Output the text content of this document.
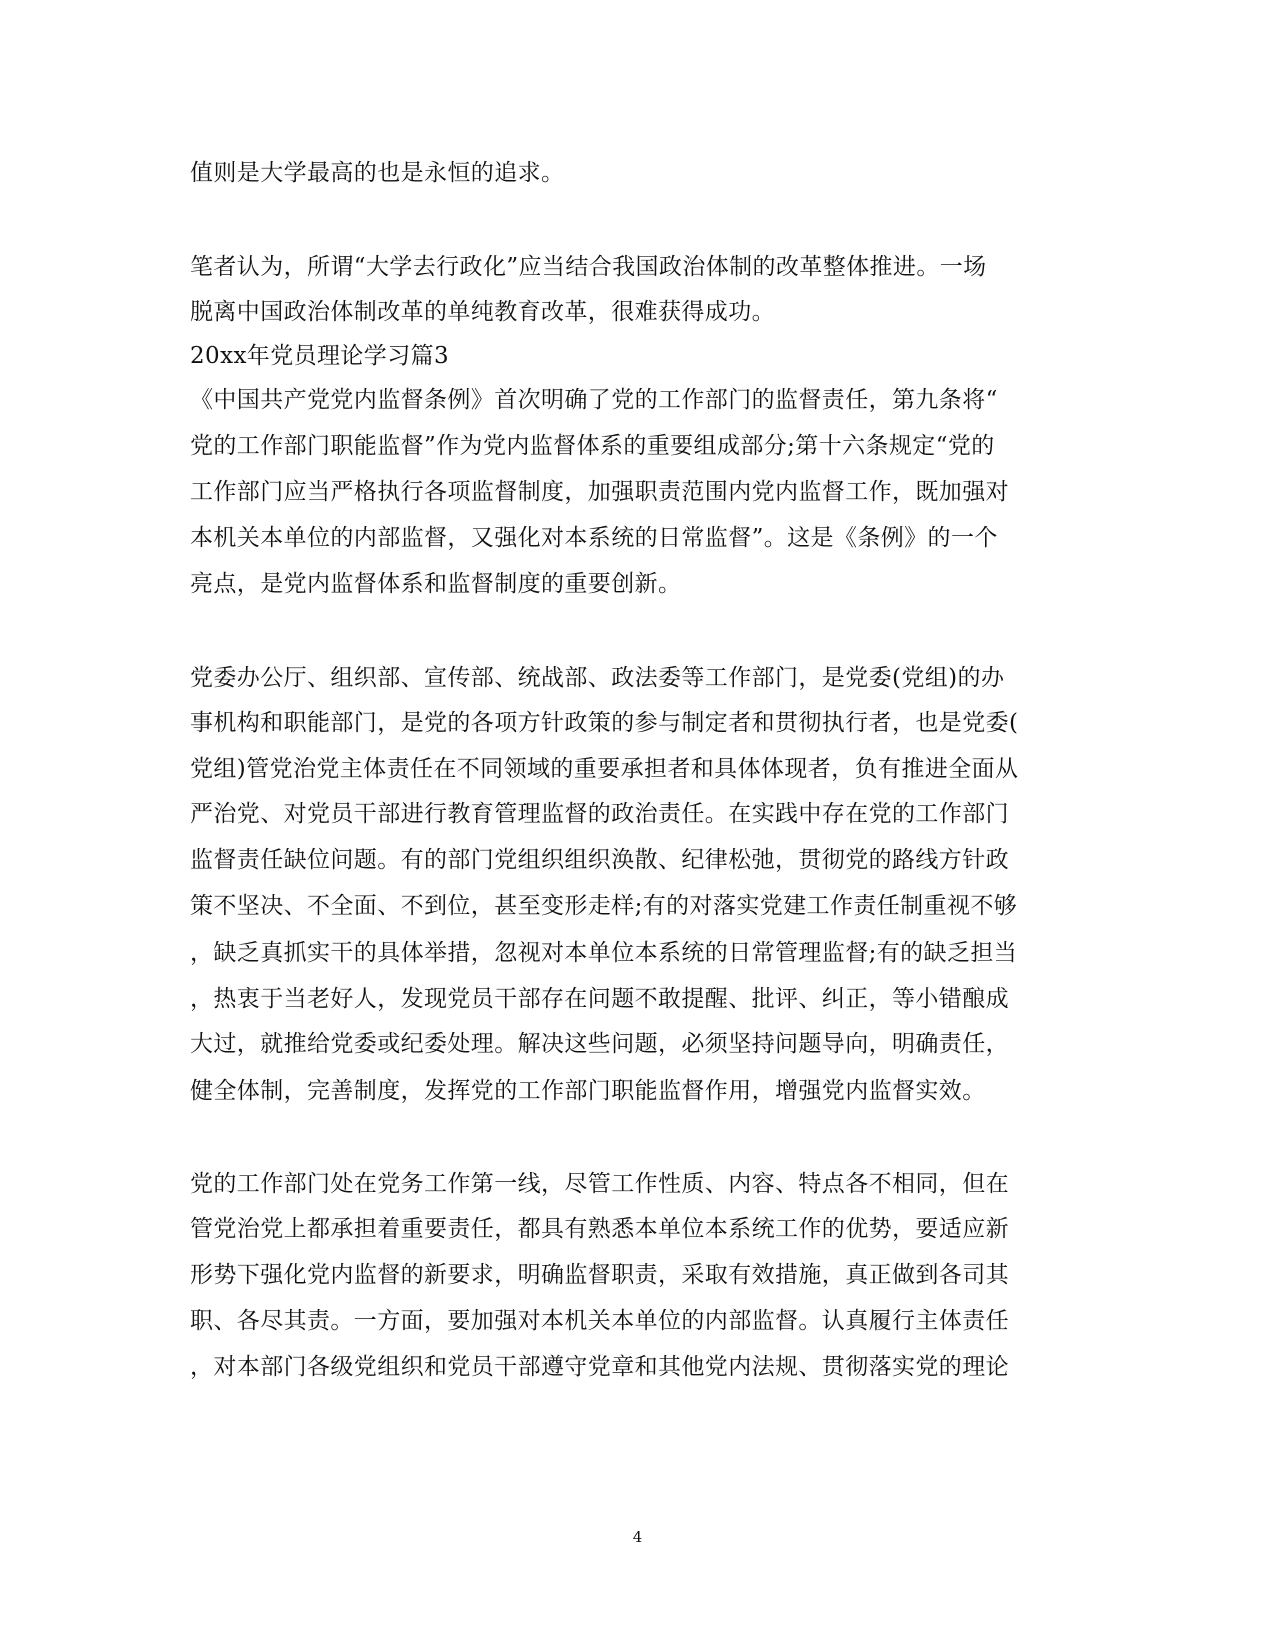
值则是大学最高的也是永恒的追求。
笔者认为，所谓“大学去行政化”应当结合我国政治体制的改革整体推进。一场
脱离中国政治体制改革的单纯教育改革，很难获得成功。
20xx年党员理论学习篇3
《中国共产党党内监督条例》首次明确了党的工作部门的监督责任，第九条将“
党的工作部门职能监督”作为党内监督体系的重要组成部分;第十六条规定“党的
工作部门应当严格执行各项监督制度，加强职责范围内党内监督工作，既加强对
本机关本单位的内部监督，又强化对本系统的日常监督”。这是《条例》的一个
亮点，是党内监督体系和监督制度的重要创新。
党委办公厅、组织部、宣传部、统战部、政法委等工作部门，是党委(党组)的办
事机构和职能部门，是党的各项方针政策的参与制定者和贯彻执行者，也是党委(
党组)管党治党主体责任在不同领域的重要承担者和具体体现者，负有推进全面从
严治党、对党员干部进行教育管理监督的政治责任。在实践中存在党的工作部门
监督责任缺位问题。有的部门党组织组织涣散、纪律松弛，贯彻党的路线方针政
策不坚决、不全面、不到位，甚至变形走样;有的对落实党建工作责任制重视不够
，缺乏真抓实干的具体举措，忽视对本单位本系统的日常管理监督;有的缺乏担当
，热衷于当老好人，发现党员干部存在问题不敢提醒、批评、纠正，等小错酿成
大过，就推给党委或纪委处理。解决这些问题，必须坚持问题导向，明确责任，
健全体制，完善制度，发挥党的工作部门职能监督作用，增强党内监督实效。
党的工作部门处在党务工作第一线，尽管工作性质、内容、特点各不相同，但在
管党治党上都承担着重要责任，都具有熟悉本单位本系统工作的优势，要适应新
形势下强化党内监督的新要求，明确监督职责，采取有效措施，真正做到各司其
职、各尽其责。一方面，要加强对本机关本单位的内部监督。认真履行主体责任
，对本部门各级党组织和党员干部遵守党章和其他党内法规、贯彻落实党的理论
4
